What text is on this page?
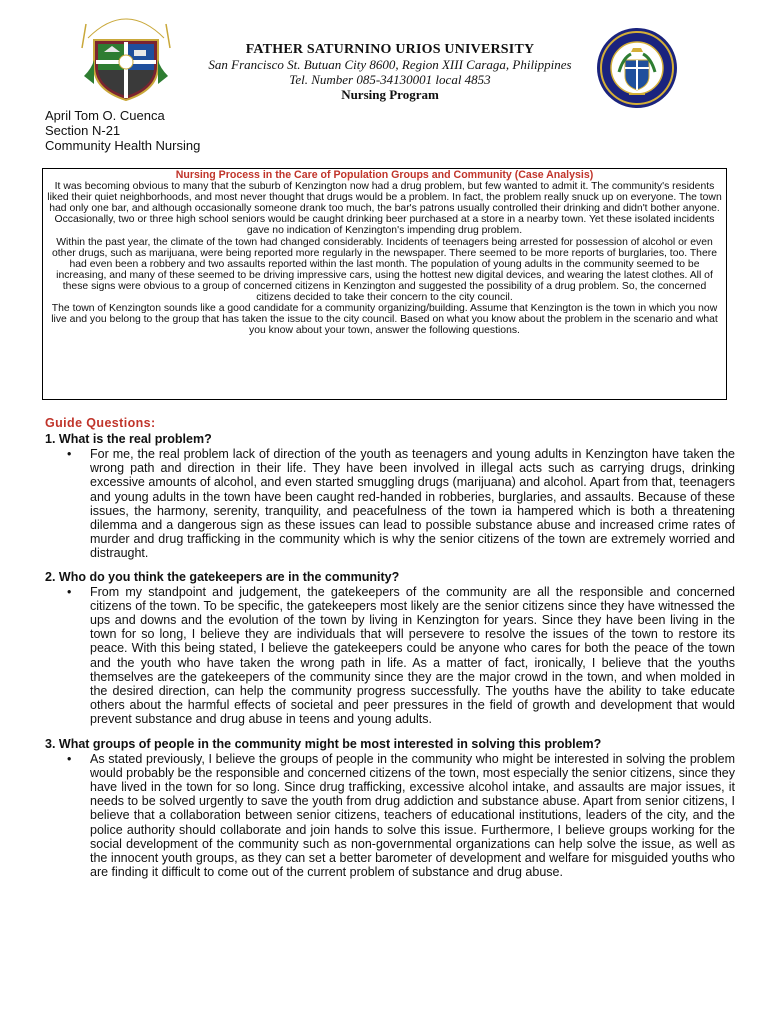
FATHER SATURNINO URIOS UNIVERSITY
San Francisco St. Butuan City 8600, Region XIII Caraga, Philippines
Tel. Number 085-34130001 local 4853
Nursing Program
April Tom O. Cuenca
Section N-21
Community Health Nursing

Nursing Process in the Care of Population Groups and Community (Case Analysis)

It was becoming obvious to many that the suburb of Kenzington now had a drug problem, but few wanted to admit it. The community's residents liked their quiet neighborhoods, and most never thought that drugs would be a problem. In fact, the problem really snuck up on everyone. The town had only one bar, and although occasionally someone drank too much, the bar's patrons usually controlled their drinking and didn't bother anyone. Occasionally, two or three high school seniors would be caught drinking beer purchased at a store in a nearby town. Yet these isolated incidents gave no indication of Kenzington's impending drug problem.

Within the past year, the climate of the town had changed considerably. Incidents of teenagers being arrested for possession of alcohol or even other drugs, such as marijuana, were being reported more regularly in the newspaper. There seemed to be more reports of burglaries, too. There had even been a robbery and two assaults reported within the last month. The population of young adults in the community seemed to be increasing, and many of these seemed to be driving impressive cars, using the hottest new digital devices, and wearing the latest clothes. All of these signs were obvious to a group of concerned citizens in Kenzington and suggested the possibility of a drug problem. So, the concerned citizens decided to take their concern to the city council.

The town of Kenzington sounds like a good candidate for a community organizing/building. Assume that Kenzington is the town in which you now live and you belong to the group that has taken the issue to the city council. Based on what you know about the problem in the scenario and what you know about your town, answer the following questions.

Guide Questions:

1. What is the real problem?

• For me, the real problem lack of direction of the youth as teenagers and young adults in Kenzington have taken the wrong path and direction in their life. They have been involved in illegal acts such as carrying drugs, drinking excessive amounts of alcohol, and even started smuggling drugs (marijuana) and alcohol. Apart from that, teenagers and young adults in the town have been caught red-handed in robberies, burglaries, and assaults. Because of these issues, the harmony, serenity, tranquility, and peacefulness of the town ia hampered which is both a threatening dilemma and a dangerous sign as these issues can lead to possible substance abuse and increased crime rates of murder and drug trafficking in the community which is why the senior citizens of the town are extremely worried and distraught.

2. Who do you think the gatekeepers are in the community?

• From my standpoint and judgement, the gatekeepers of the community are all the responsible and concerned citizens of the town. To be specific, the gatekeepers most likely are the senior citizens since they have witnessed the ups and downs and the evolution of the town by living in Kenzington for years. Since they have been living in the town for so long, I believe they are individuals that will persevere to resolve the issues of the town to restore its peace. With this being stated, I believe the gatekeepers could be anyone who cares for both the peace of the town and the youth who have taken the wrong path in life. As a matter of fact, ironically, I believe that the youths themselves are the gatekeepers of the community since they are the major crowd in the town, and when molded in the desired direction, can help the community progress successfully. The youths have the ability to take educate others about the harmful effects of societal and peer pressures in the field of growth and development that would prevent substance and drug abuse in teens and young adults.

3. What groups of people in the community might be most interested in solving this problem?

• As stated previously, I believe the groups of people in the community who might be interested in solving the problem would probably be the responsible and concerned citizens of the town, most especially the senior citizens, since they have lived in the town for so long. Since drug trafficking, excessive alcohol intake, and assaults are major issues, it needs to be solved urgently to save the youth from drug addiction and substance abuse. Apart from senior citizens, I believe that a collaboration between senior citizens, teachers of educational institutions, leaders of the city, and the police authority should collaborate and join hands to solve this issue. Furthermore, I believe groups working for the social development of the community such as non-governmental organizations can help solve the issue, as well as the innocent youth groups, as they can set a better barometer of development and welfare for misguided youths who are finding it difficult to come out of the current problem of substance and drug abuse.
